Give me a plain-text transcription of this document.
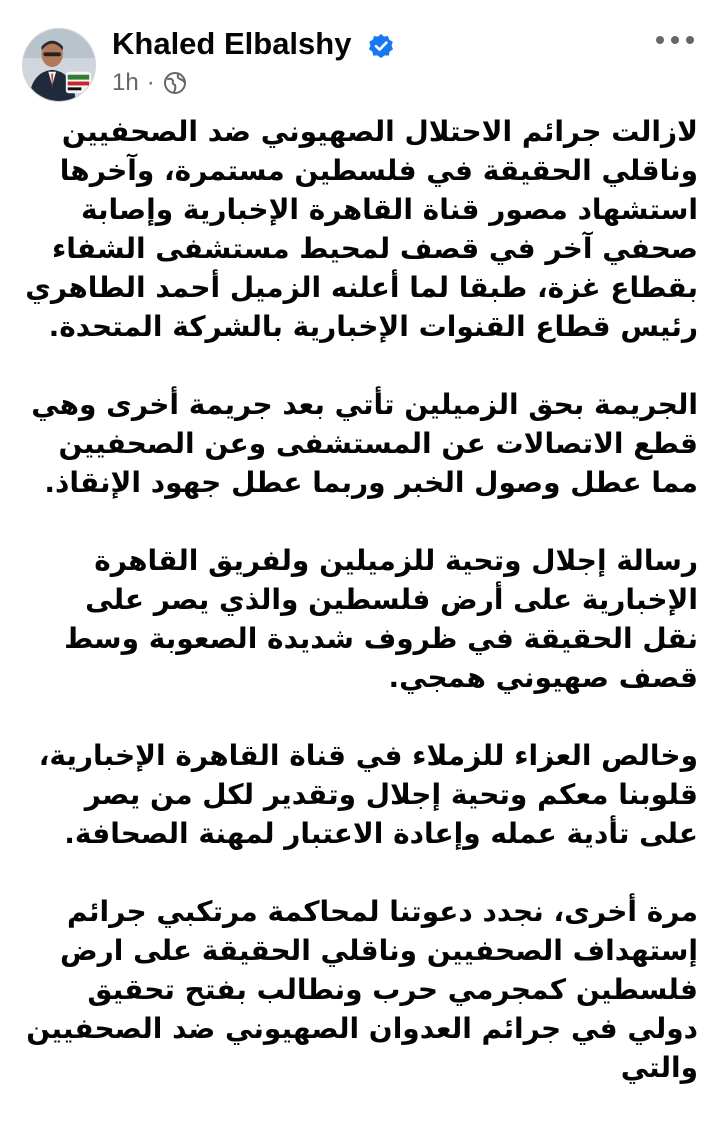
Khaled Elbalshy
1h ·

لازالت جرائم الاحتلال الصهيوني ضد الصحفيين وناقلي الحقيقة في فلسطين مستمرة، وآخرها استشهاد مصور قناة القاهرة الإخبارية وإصابة صحفي آخر في قصف لمحيط مستشفى الشفاء بقطاع غزة، طبقا لما أعلنه الزميل أحمد الطاهري رئيس قطاع القنوات الإخبارية بالشركة المتحدة.

الجريمة بحق الزميلين تأتي بعد جريمة أخرى وهي قطع الاتصالات عن المستشفى وعن الصحفيين مما عطل وصول الخبر وربما عطل جهود الإنقاذ.

رسالة إجلال وتحية للزميلين ولفريق القاهرة الإخبارية على أرض فلسطين والذي يصر على نقل الحقيقة في ظروف شديدة الصعوبة وسط قصف صهيوني همجي.

وخالص العزاء للزملاء في قناة القاهرة الإخبارية، قلوبنا معكم وتحية إجلال وتقدير لكل من يصر على تأدية عمله وإعادة الاعتبار لمهنة الصحافة.

مرة أخرى، نجدد دعوتنا لمحاكمة مرتكبي جرائم إستهداف الصحفيين وناقلي الحقيقة على ارض فلسطين كمجرمي حرب ونطالب بفتح تحقيق دولي في جرائم العدوان الصهيوني ضد الصحفيين والتي
